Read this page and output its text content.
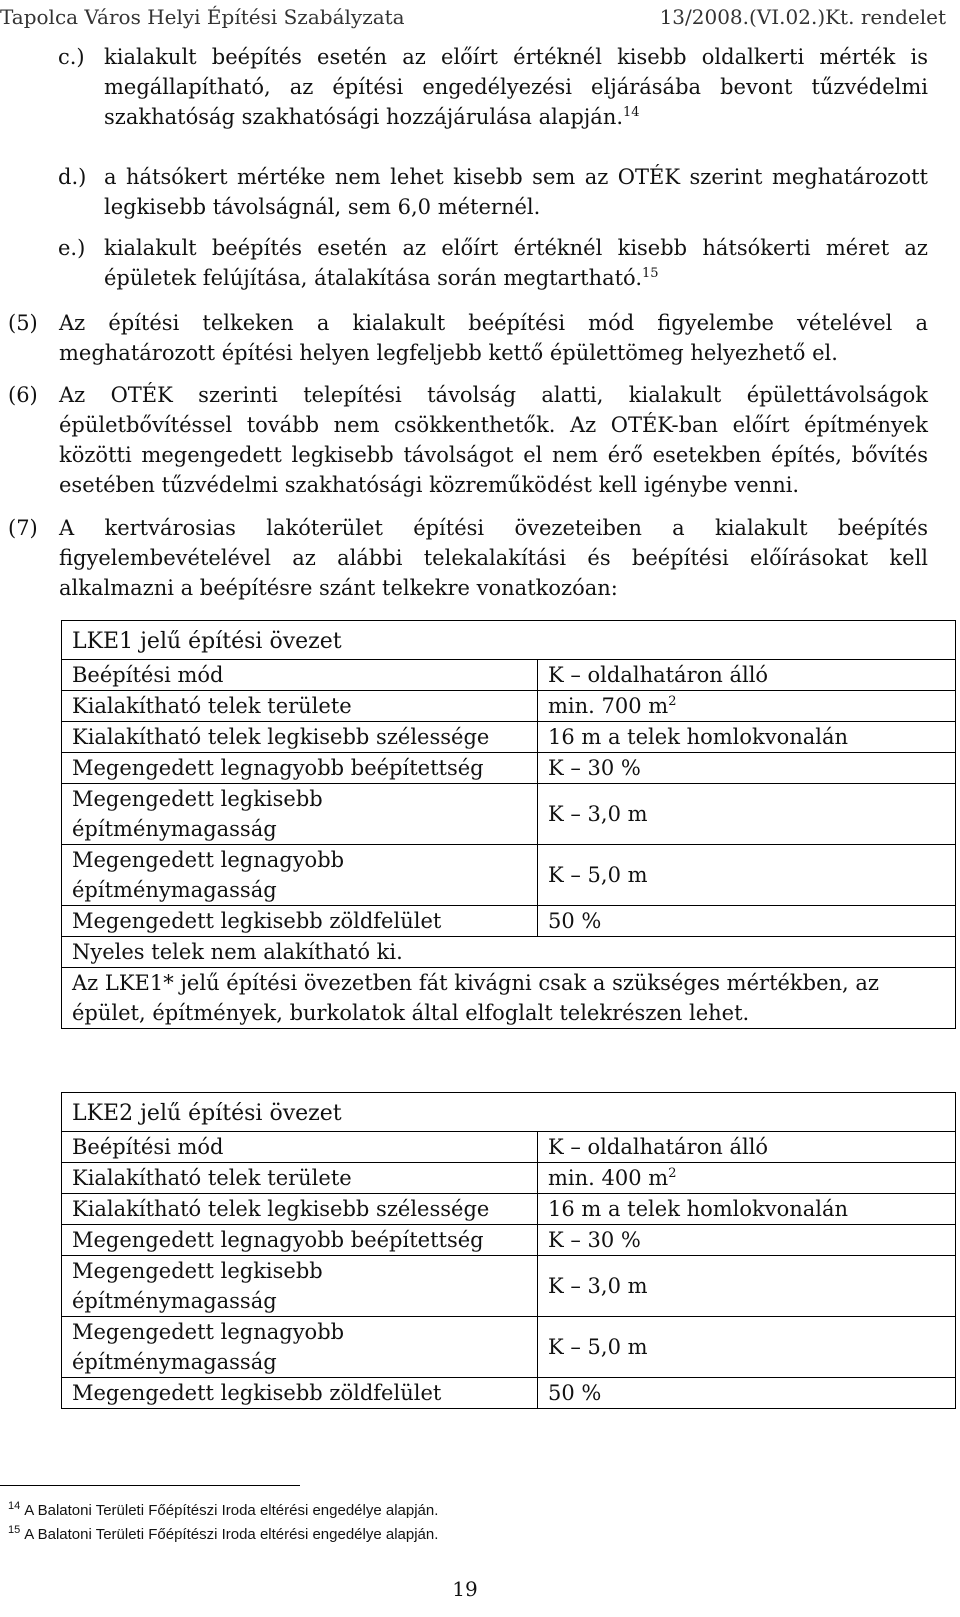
Tapolca Város Helyi Építési Szabályzata	13/2008.(VI.02.)Kt. rendelet
c.) kialakult beépítés esetén az előírt értéknél kisebb oldalkerti mérték is megállapítható, az építési engedélyezési eljárásába bevont tűzvédelmi szakhatóság szakhatósági hozzájárulása alapján.$^{14}$
d.) a hátsókert mértéke nem lehet kisebb sem az OTÉK szerint meghatározott legkisebb távolságnál, sem 6,0 méternél.
e.) kialakult beépítés esetén az előírt értéknél kisebb hátsókerti méret az épületek felújítása, átalakítása során megtartható.$^{15}$
(5) Az építési telkeken a kialakult beépítési mód figyelembe vételével a meghatározott építési helyen legfeljebb kettő épülettömeg helyezhető el.
(6) Az OTÉK szerinti telepítési távolság alatti, kialakult épülettávolságok épületbővítéssel tovább nem csökkenthetők. Az OTÉK-ban előírt építmények közötti megengedett legkisebb távolságot el nem érő esetekben építés, bővítés esetében tűzvédelmi szakhatósági közreműködést kell igénybe venni.
(7) A kertvárosias lakóterület építési övezeteiben a kialakult beépítés figyelembevételével az alábbi telekalakítási és beépítési előírásokat kell alkalmazni a beépítésre szánt telkekre vonatkozóan:
LKE1 jelű építési övezet	
Beépítési mód	K – oldalhatáron álló
Kialakítható telek területe	min. 700 $m^2$
Kialakítható telek legkisebb szélessége	16 m a telek homlokvonalán
Megengedett legnagyobb beépítettség	K – 30 %
Megengedett legkisebb építménymagasság	K – 3,0 m
Megengedett legnagyobb építménymagasság	K – 5,0 m
Megengedett legkisebb zöldfelület	50 %
Nyeles telek nem alakítható ki.	
Az LKE1* jelű építési övezetben fát kivágni csak a szükséges mértékben, az épület, építmények, burkolatok által elfoglalt telekrészen lehet.	
LKE2 jelű építési övezet	
Beépítési mód	K – oldalhatáron álló
Kialakítható telek területe	min. 400 $m^2$
Kialakítható telek legkisebb szélessége	16 m a telek homlokvonalán
Megengedett legnagyobb beépítettség	K – 30 %
Megengedett legkisebb építménymagasság	K – 3,0 m
Megengedett legnagyobb építménymagasság	K – 5,0 m
Megengedett legkisebb zöldfelület	50 %
$^{14}$ A Balatoni Területi Főépítészi Iroda eltérési engedélye alapján.
$^{15}$ A Balatoni Területi Főépítészi Iroda eltérési engedélye alapján.
19
